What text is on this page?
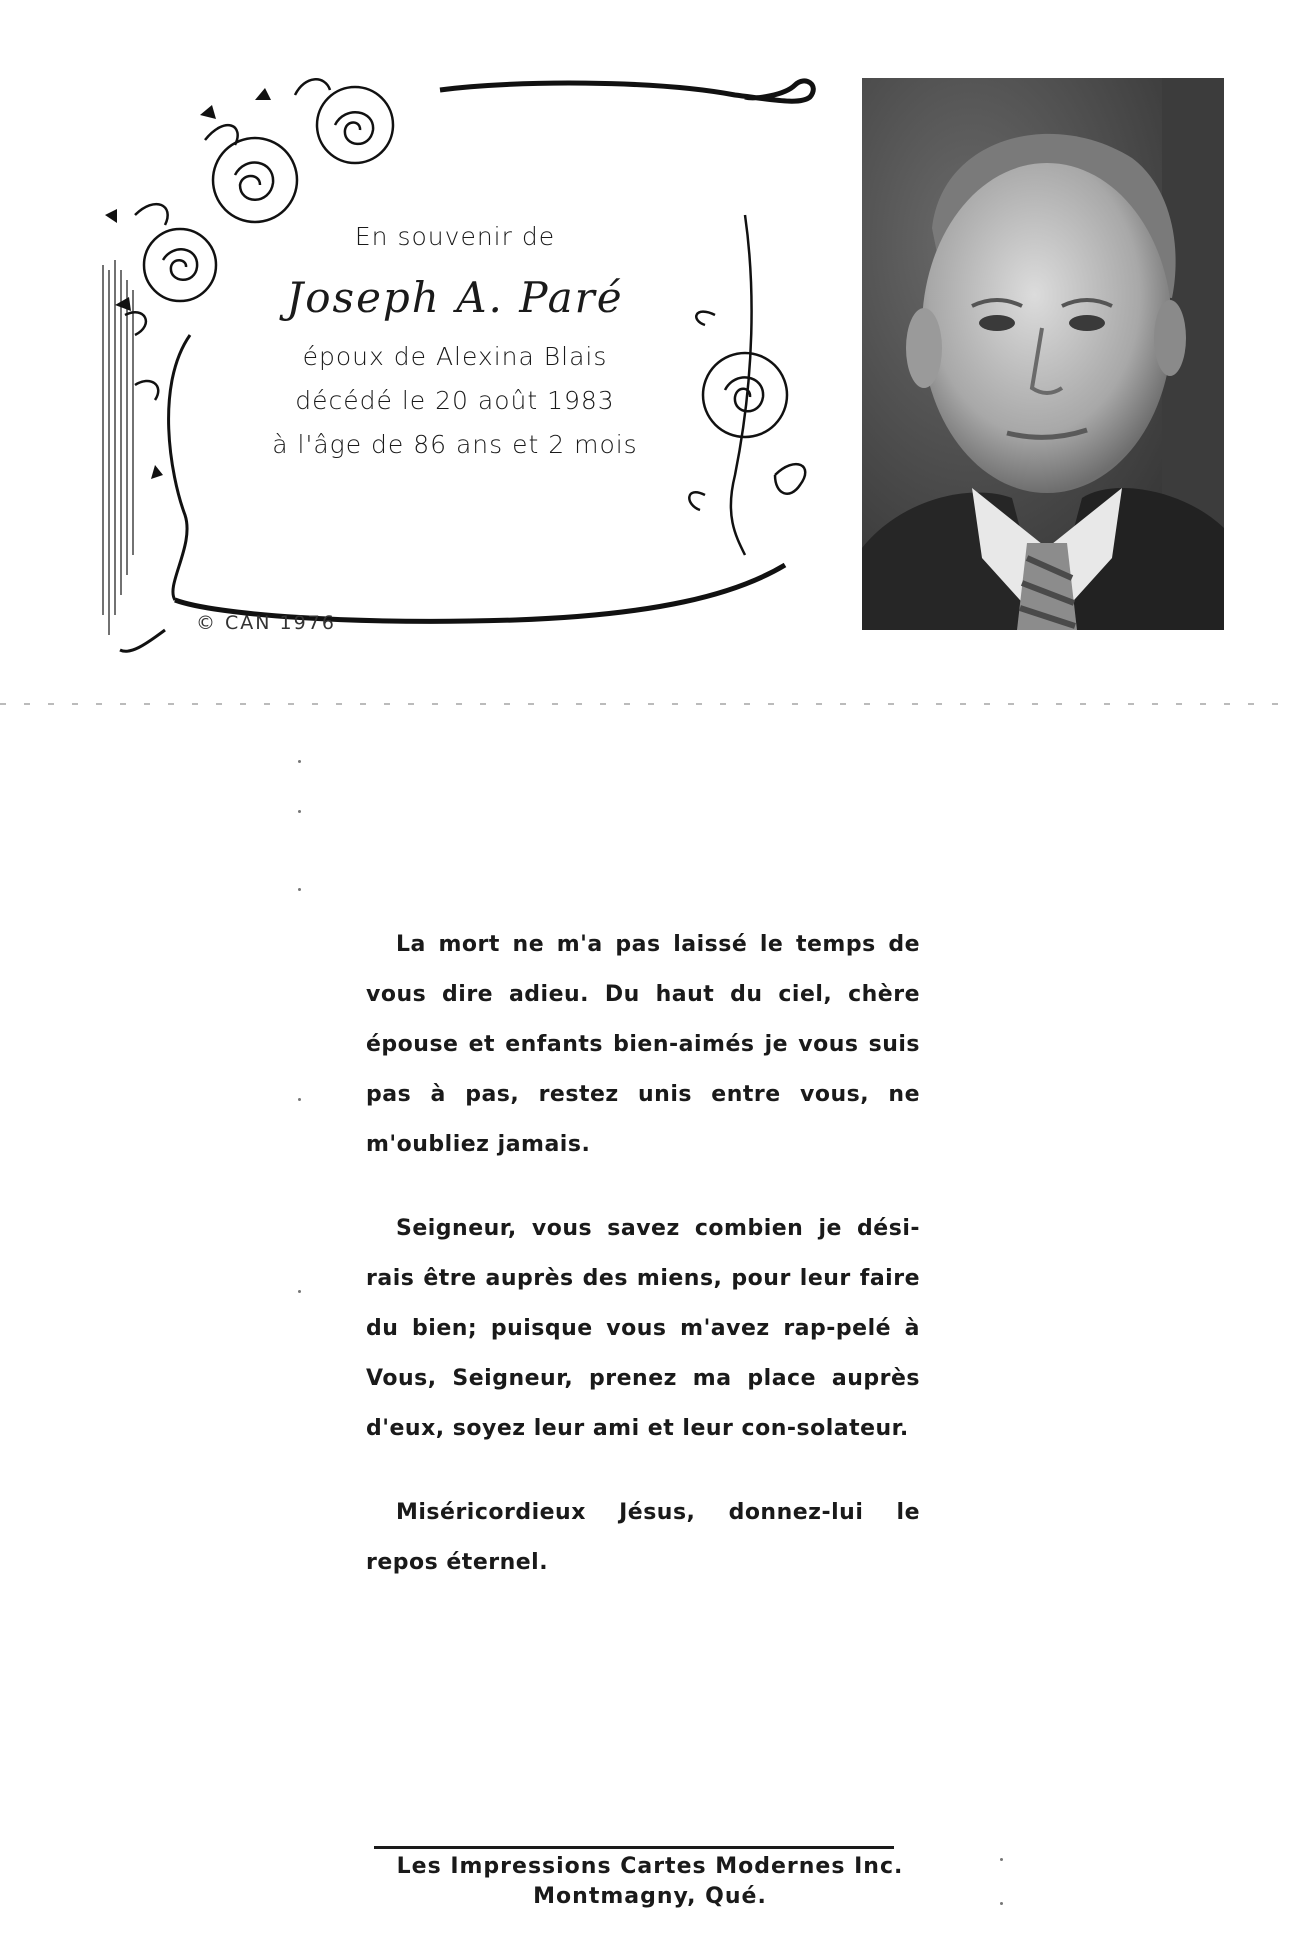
En souvenir de
Joseph A. Paré
époux de Alexina Blais
décédé le 20 août 1983
à l'âge de 86 ans et 2 mois
© CAN 1976

La mort ne m'a pas laissé le temps de vous dire adieu. Du haut du ciel, chère épouse et enfants bien-aimés je vous suis pas à pas, restez unis entre vous, ne m'oubliez jamais.

Seigneur, vous savez combien je dési-rais être auprès des miens, pour leur faire du bien; puisque vous m'avez rap-pelé à Vous, Seigneur, prenez ma place auprès d'eux, soyez leur ami et leur con-solateur.

Miséricordieux Jésus, donnez-lui le repos éternel.

Les Impressions Cartes Modernes Inc.
Montmagny, Qué.
